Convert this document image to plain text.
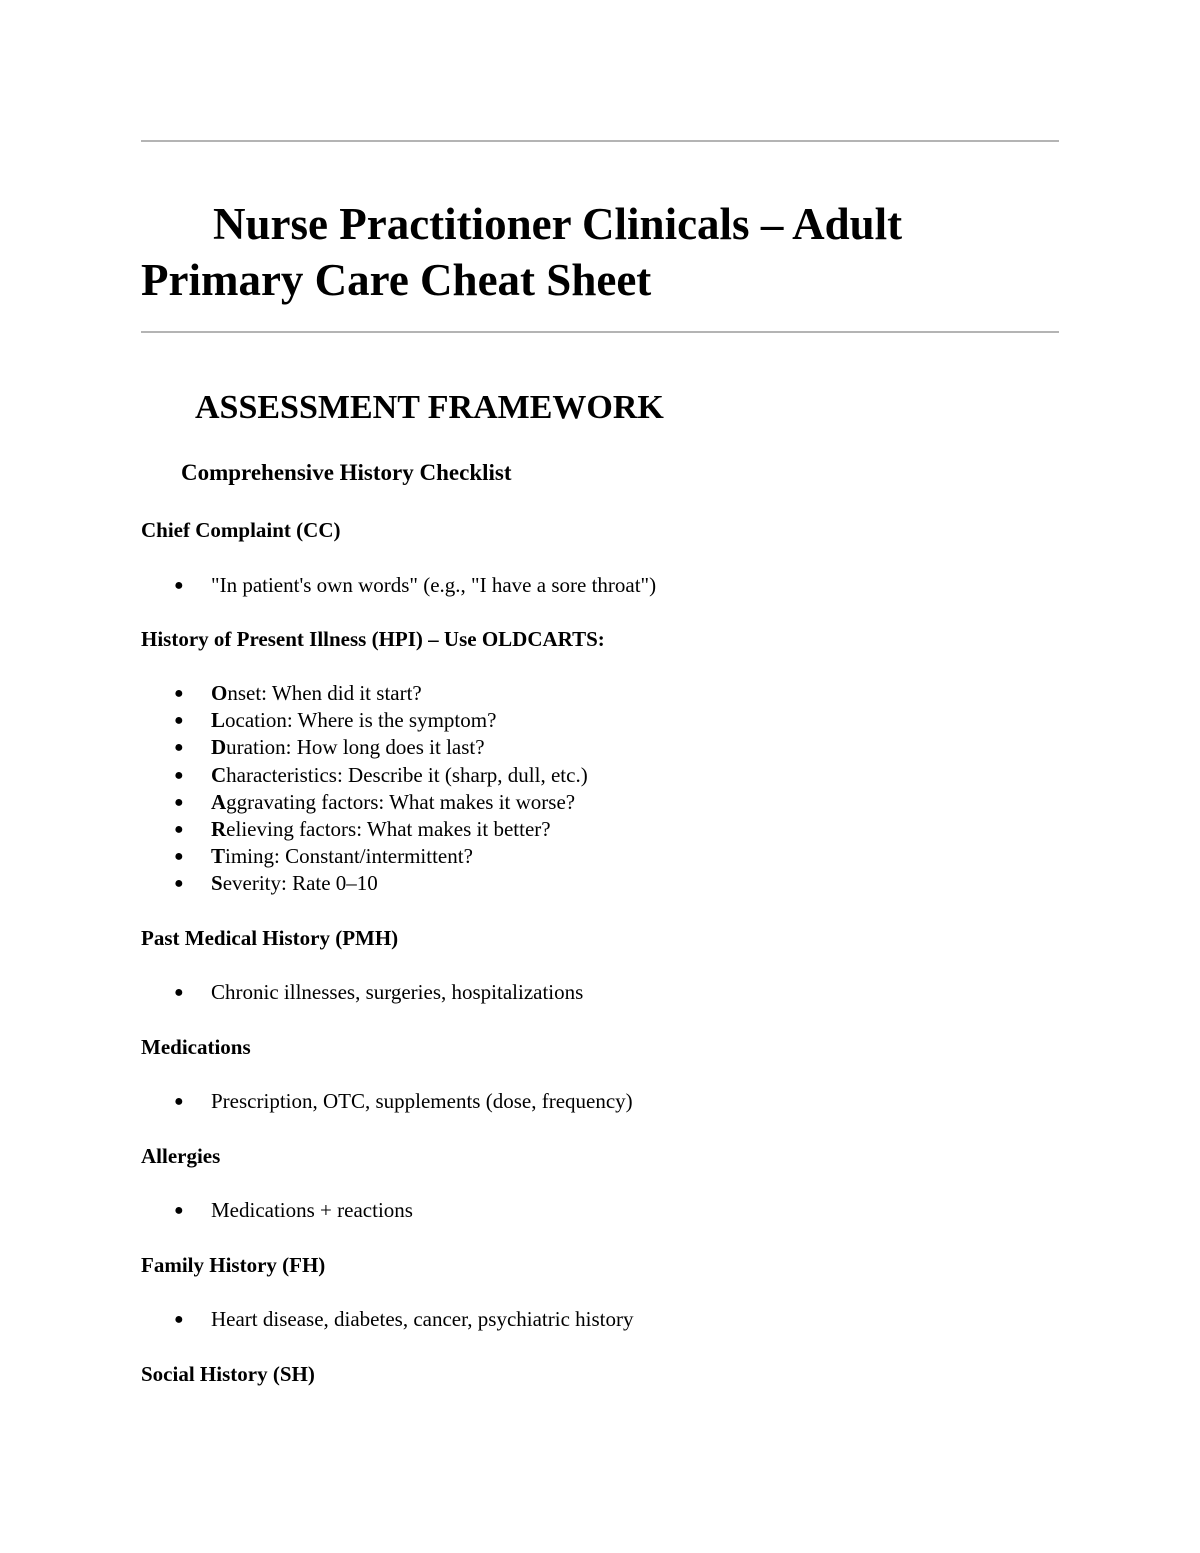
Nurse Practitioner Clinicals – Adult Primary Care Cheat Sheet
ASSESSMENT FRAMEWORK
Comprehensive History Checklist

Chief Complaint (CC)

● "In patient's own words" (e.g., "I have a sore throat")

History of Present Illness (HPI) – Use OLDCARTS:

● Onset: When did it start?
● Location: Where is the symptom?
● Duration: How long does it last?
● Characteristics: Describe it (sharp, dull, etc.)
● Aggravating factors: What makes it worse?
● Relieving factors: What makes it better?
● Timing: Constant/intermittent?
● Severity: Rate 0–10

Past Medical History (PMH)

● Chronic illnesses, surgeries, hospitalizations

Medications

● Prescription, OTC, supplements (dose, frequency)

Allergies

● Medications + reactions

Family History (FH)

● Heart disease, diabetes, cancer, psychiatric history

Social History (SH)
